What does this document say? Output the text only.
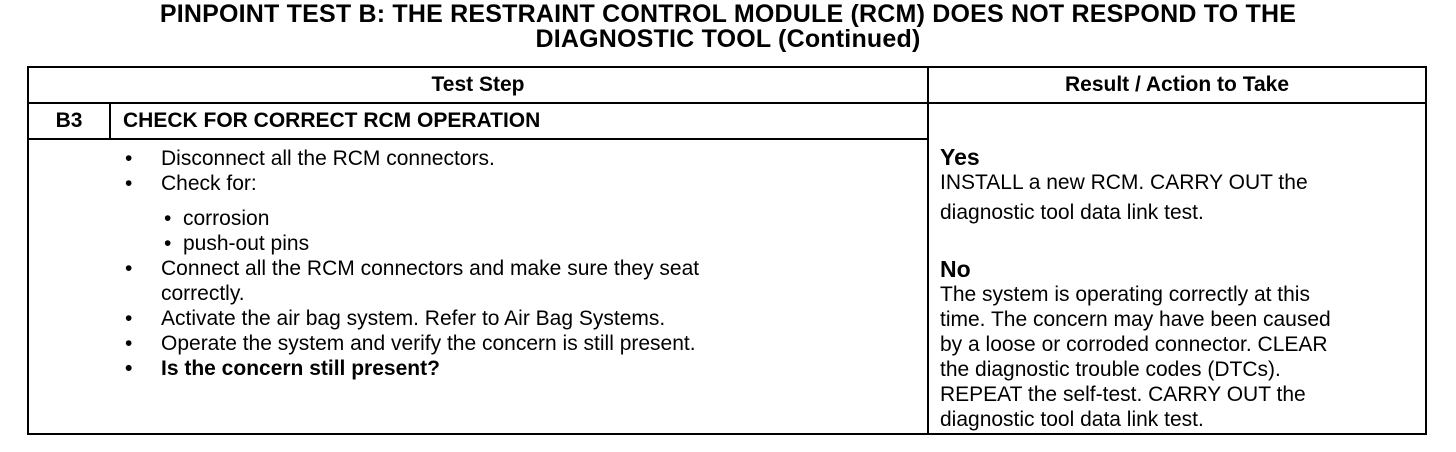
PINPOINT TEST B: THE RESTRAINT CONTROL MODULE (RCM) DOES NOT RESPOND TO THE
DIAGNOSTIC TOOL (Continued)
Test Step	Result / Action to Take
B3	CHECK FOR CORRECT RCM OPERATION
• Disconnect all the RCM connectors.
• Check for:
• corrosion
• push-out pins
• Connect all the RCM connectors and make sure they seat
correctly.
• Activate the air bag system. Refer to Air Bag Systems.
• Operate the system and verify the concern is still present.
• Is the concern still present?
Yes
INSTALL a new RCM. CARRY OUT the
diagnostic tool data link test.
No
The system is operating correctly at this
time. The concern may have been caused
by a loose or corroded connector. CLEAR
the diagnostic trouble codes (DTCs).
REPEAT the self-test. CARRY OUT the
diagnostic tool data link test.
